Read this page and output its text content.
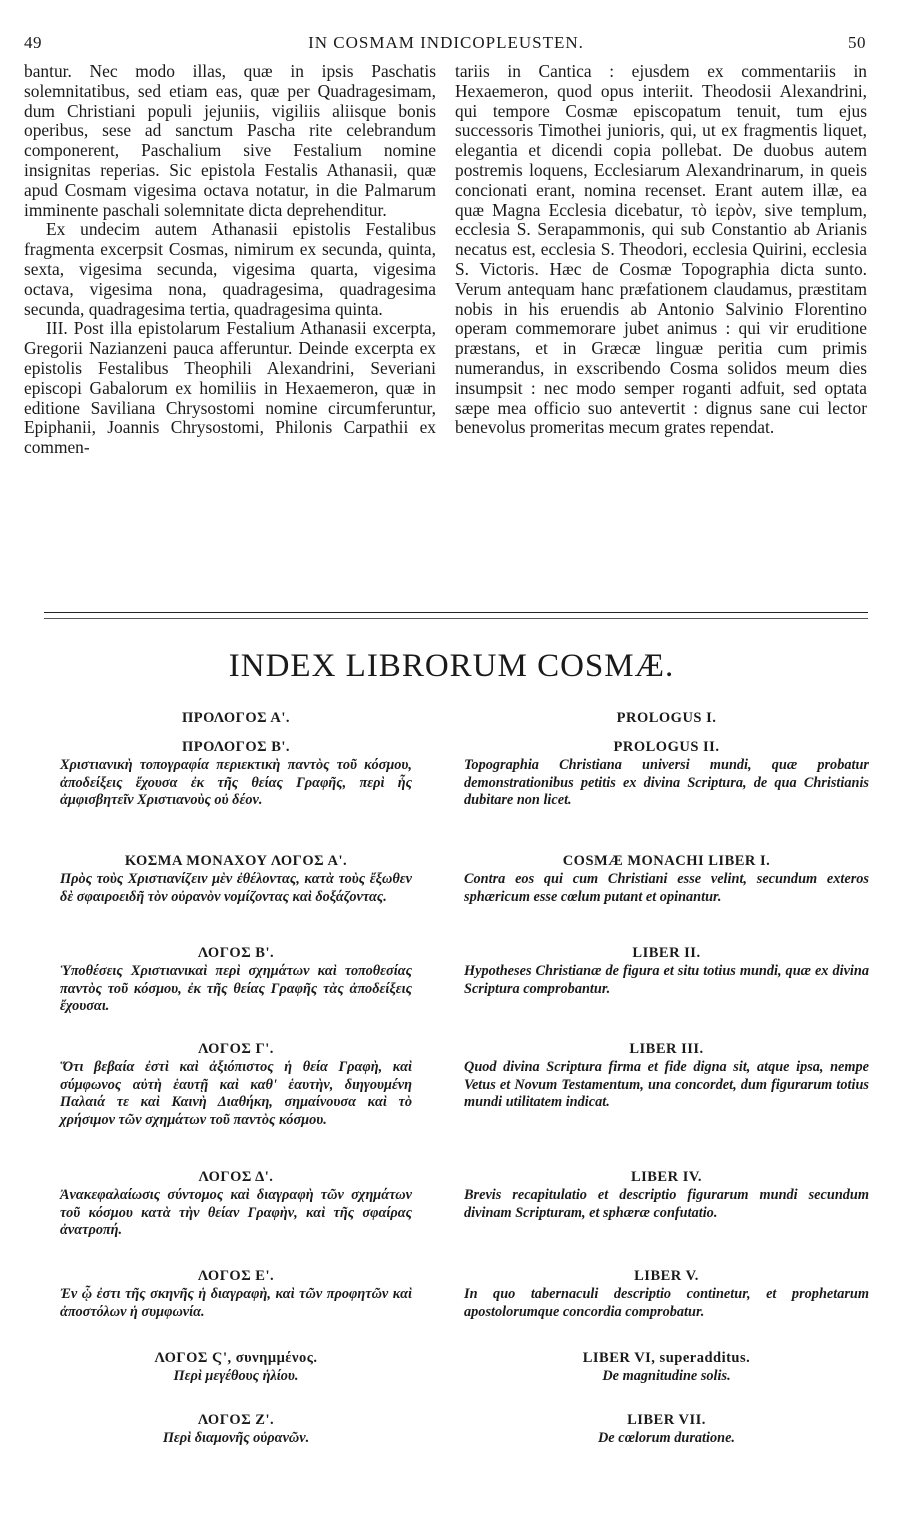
49	IN COSMAM INDICOPLEUSTEN.	50

bantur. Nec modo illas, quæ in ipsis Paschatis solemnitatibus, sed etiam eas, quæ per Quadragesimam, dum Christiani populi jejuniis, vigiliis aliisque bonis operibus, sese ad sanctum Pascha rite celebrandum componerent, Paschalium sive Festalium nomine insignitas reperias. Sic epistola Festalis Athanasii, quæ apud Cosmam vigesima octava notatur, in die Palmarum imminente paschali solemnitate dicta deprehenditur.

Ex undecim autem Athanasii epistolis Festalibus fragmenta excerpsit Cosmas, nimirum ex secunda, quinta, sexta, vigesima secunda, vigesima quarta, vigesima octava, vigesima nona, quadragesima, quadragesima secunda, quadragesima tertia, quadragesima quinta.

III. Post illa epistolarum Festalium Athanasii excerpta, Gregorii Nazianzeni pauca afferuntur. Deinde excerpta ex epistolis Festalibus Theophili Alexandrini, Severiani episcopi Gabalorum ex homiliis in Hexaemeron, quæ in editione Saviliana Chrysostomi nomine circumferuntur, Epiphanii, Joannis Chrysostomi, Philonis Carpathii ex commen-

tariis in Cantica : ejusdem ex commentariis in Hexaemeron, quod opus interiit. Theodosii Alexandrini, qui tempore Cosmæ episcopatum tenuit, tum ejus successoris Timothei junioris, qui, ut ex fragmentis liquet, elegantia et dicendi copia pollebat. De duobus autem postremis loquens, Ecclesiarum Alexandrinarum, in queis concionati erant, nomina recenset. Erant autem illæ, ea quæ Magna Ecclesia dicebatur, τὸ ἱερὸν, sive templum, ecclesia S. Serapammonis, qui sub Constantio ab Arianis necatus est, ecclesia S. Theodori, ecclesia Quirini, ecclesia S. Victoris. Hæc de Cosmæ Topographia dicta sunto. Verum antequam hanc præfationem claudamus, præstitam nobis in his eruendis ab Antonio Salvinio Florentino operam commemorare jubet animus : qui vir eruditione præstans, et in Græcæ linguæ peritia cum primis numerandus, in exscribendo Cosma solidos meum dies insumpsit : nec modo semper roganti adfuit, sed optata sæpe mea officio suo antevertit : dignus sane cui lector benevolus promeritas mecum grates rependat.

INDEX LIBRORUM COSMÆ.
ΠΡΟΛΟΓΟΣ Α'.
ΠΡΟΛΟΓΟΣ Β'.
Χριστιανικὴ τοπογραφία περιεκτικὴ παντὸς τοῦ κόσμου, ἀποδείξεις ἔχουσα ἐκ τῆς θείας Γραφῆς, περὶ ἧς ἀμφισβητεῖν Χριστιανοὺς οὐ δέον.
ΚΟΣΜΑ ΜΟΝΑΧΟΥ ΛΟΓΟΣ Α'.
Πρὸς τοὺς Χριστιανίζειν μὲν ἐθέλοντας, κατὰ τοὺς ἔξωθεν δὲ σφαιροειδῆ τὸν οὐρανὸν νομίζοντας καὶ δοξάζοντας.
ΛΟΓΟΣ Β'.
Ὑποθέσεις Χριστιανικαὶ περὶ σχημάτων καὶ τοποθεσίας παντὸς τοῦ κόσμου, ἐκ τῆς θείας Γραφῆς τὰς ἀποδείξεις ἔχουσαι.
ΛΟΓΟΣ Γ'.
Ὅτι βεβαία ἐστὶ καὶ ἀξιόπιστος ἡ θεία Γραφὴ, καὶ σύμφωνος αὐτὴ ἑαυτῇ καὶ καθ' ἑαυτὴν, διηγουμένη Παλαιά τε καὶ Καινὴ Διαθήκη, σημαίνουσα καὶ τὸ χρήσιμον τῶν σχημάτων τοῦ παντὸς κόσμου.
ΛΟΓΟΣ Δ'.
Ἀνακεφαλαίωσις σύντομος καὶ διαγραφὴ τῶν σχημάτων τοῦ κόσμου κατὰ τὴν θείαν Γραφὴν, καὶ τῆς σφαίρας ἀνατροπή.
ΛΟΓΟΣ Ε'.
Ἐν ᾧ ἐστι τῆς σκηνῆς ἡ διαγραφὴ, καὶ τῶν προφητῶν καὶ ἀποστόλων ἡ συμφωνία.
ΛΟΓΟΣ Ϛ', συνημμένος.
Περὶ μεγέθους ἡλίου.
ΛΟΓΟΣ Ζ'.
Περὶ διαμονῆς οὐρανῶν.
PROLOGUS I.
PROLOGUS II.
Topographia Christiana universi mundi, quæ probatur demonstrationibus petitis ex divina Scriptura, de qua Christianis dubitare non licet.
COSMÆ MONACHI LIBER I.
Contra eos qui cum Christiani esse velint, secundum exteros sphæricum esse cœlum putant et opinantur.
LIBER II.
Hypotheses Christianæ de figura et situ totius mundi, quæ ex divina Scriptura comprobantur.
LIBER III.
Quod divina Scriptura firma et fide digna sit, atque ipsa, nempe Vetus et Novum Testamentum, una concordet, dum figurarum totius mundi utilitatem indicat.
LIBER IV.
Brevis recapitulatio et descriptio figurarum mundi secundum divinam Scripturam, et sphæræ confutatio.
LIBER V.
In quo tabernaculi descriptio continetur, et prophetarum apostolorumque concordia comprobatur.
LIBER VI, superadditus.
De magnitudine solis.
LIBER VII.
De cœlorum duratione.
